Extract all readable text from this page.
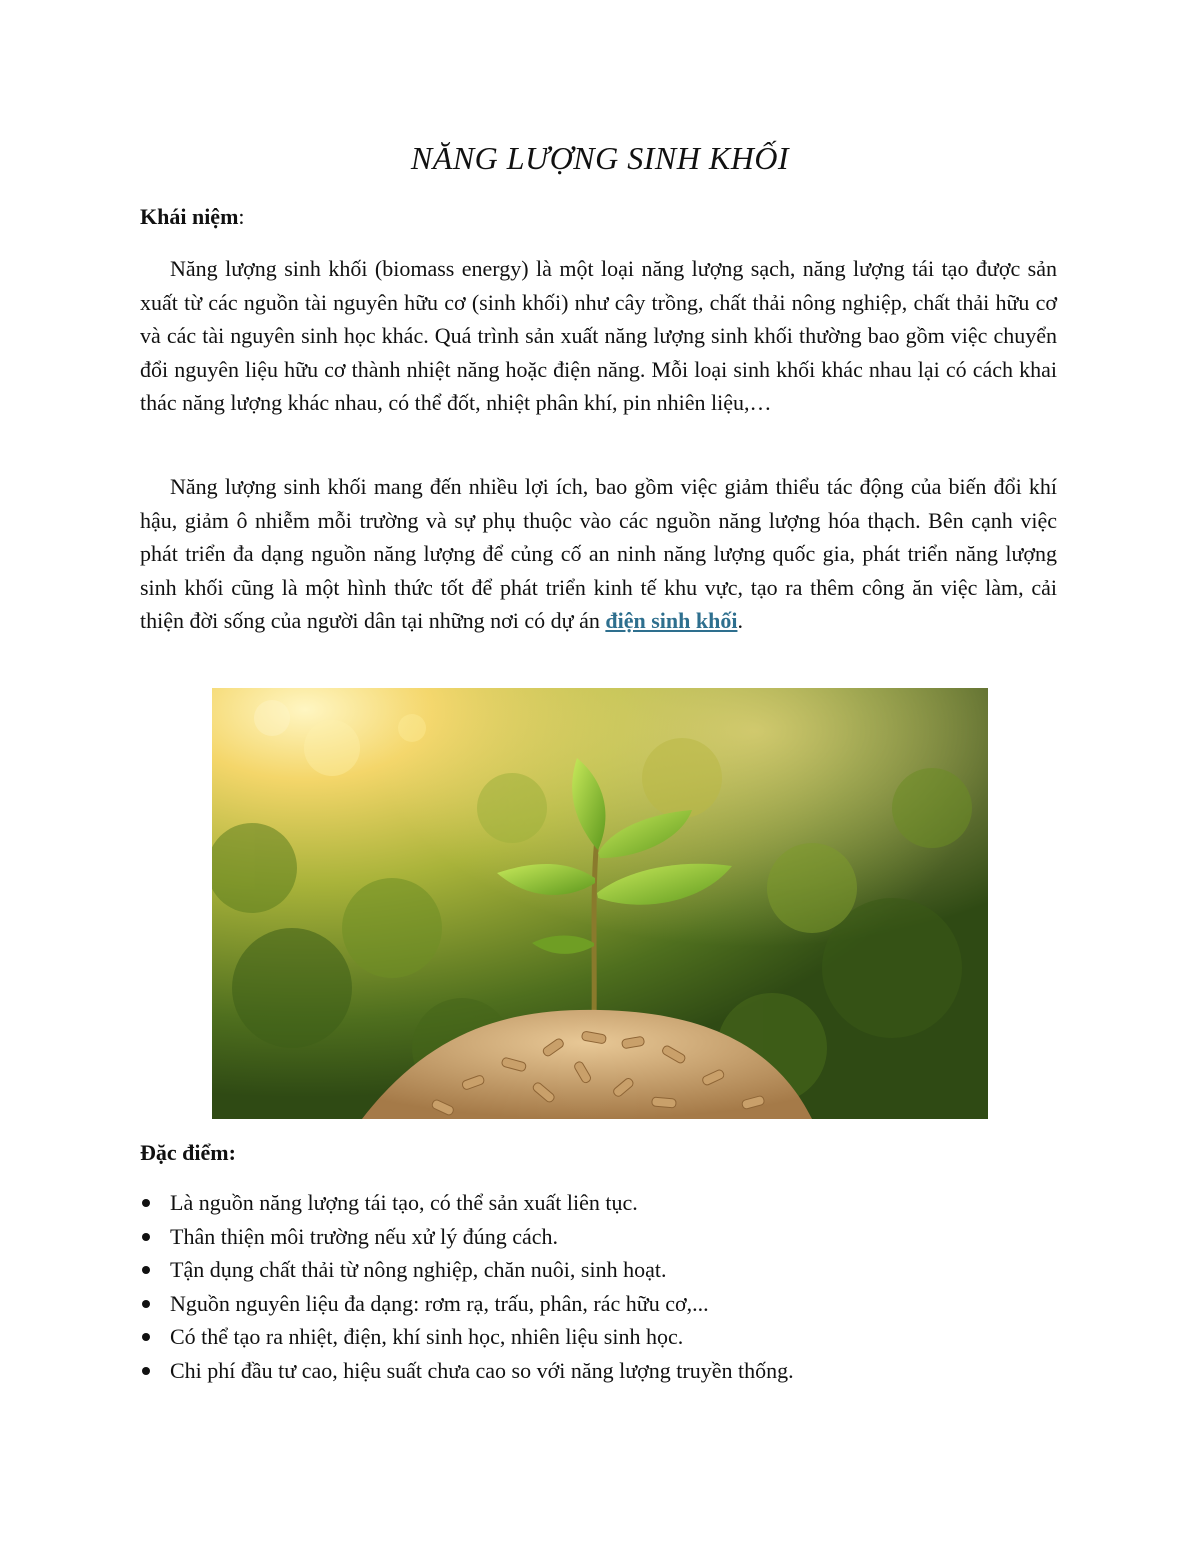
NĂNG LƯỢNG SINH KHỐI
Khái niệm:

Năng lượng sinh khối (biomass energy) là một loại năng lượng sạch, năng lượng tái tạo được sản xuất từ các nguồn tài nguyên hữu cơ (sinh khối) như cây trồng, chất thải nông nghiệp, chất thải hữu cơ và các tài nguyên sinh học khác. Quá trình sản xuất năng lượng sinh khối thường bao gồm việc chuyển đổi nguyên liệu hữu cơ thành nhiệt năng hoặc điện năng. Mỗi loại sinh khối khác nhau lại có cách khai thác năng lượng khác nhau, có thể đốt, nhiệt phân khí, pin nhiên liệu,…

Năng lượng sinh khối mang đến nhiều lợi ích, bao gồm việc giảm thiểu tác động của biến đổi khí hậu, giảm ô nhiễm mỗi trường và sự phụ thuộc vào các nguồn năng lượng hóa thạch. Bên cạnh việc phát triển đa dạng nguồn năng lượng để củng cố an ninh năng lượng quốc gia, phát triển năng lượng sinh khối cũng là một hình thức tốt để phát triển kinh tế khu vực, tạo ra thêm công ăn việc làm, cải thiện đời sống của người dân tại những nơi có dự án điện sinh khối.

Đặc điểm:
Là nguồn năng lượng tái tạo, có thể sản xuất liên tục.
Thân thiện môi trường nếu xử lý đúng cách.
Tận dụng chất thải từ nông nghiệp, chăn nuôi, sinh hoạt.
Nguồn nguyên liệu đa dạng: rơm rạ, trấu, phân, rác hữu cơ,...
Có thể tạo ra nhiệt, điện, khí sinh học, nhiên liệu sinh học.
Chi phí đầu tư cao, hiệu suất chưa cao so với năng lượng truyền thống.
